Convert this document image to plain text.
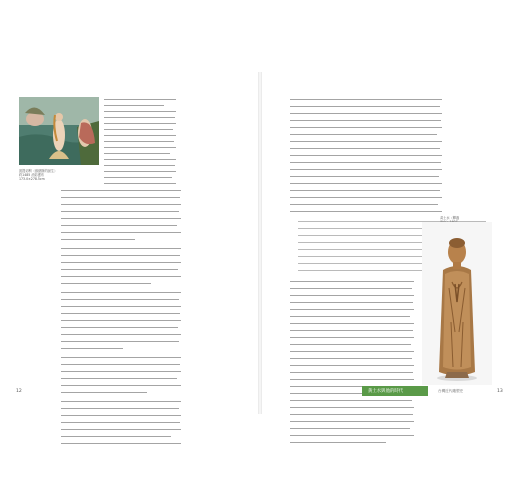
波提切利〈維納斯的誕生〉
約1485 油彩畫布
173.0×278.5cm

12

黃土水〈釋迦

黃土水與他的時代	台灣近代雕塑史	13
